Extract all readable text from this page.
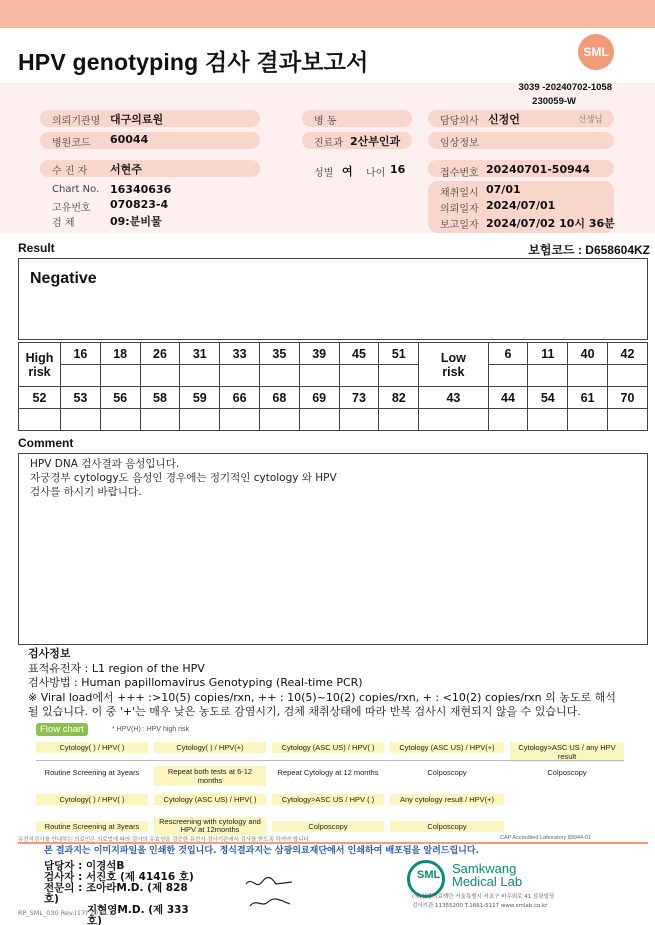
HPV genotyping 검사 결과보고서	SML
3039 -20240702-1058
230059-W
의뢰기관명 대구의료원	병 동	담당의사 신정언	선생님
병원코드 60044	진료과 2산부인과	임상정보
수 진 자 서현주	성별 여 나이 16	접수번호 20240701-50944
Chart No. 16340636
고유번호 070823-4
검 체	09:분비물
채취일시 07/01
의뢰일자 2024/07/01
보고일자 2024/07/02 10시 36분
Result	보험코드 : D658604KZ
Negative
High
risk	16	18	26	31	33	35	39	45	51	Low
risk	6	11	40	42

52	53	56	58	59	66	68	69	73	82	43	44	54	61	70

Comment
HPV DNA 검사결과 음성입니다.
자궁경부 cytology도 음성인 경우에는 정기적인 cytology 와 HPV
검사를 하시기 바랍니다.
검사정보
표적유전자 : L1 region of the HPV
검사방법 : Human papillomavirus Genotyping (Real-time PCR)
※ Viral load에서 +++ :>10(5) copies/rxn, ++ : 10(5)~10(2) copies/rxn, + : <10(2) copies/rxn 의 농도로 해석
될 있습니다. 이 중 '+'는 매우 낮은 농도로 감염시기, 검체 채취상태에 따라 반복 검사시 재현되지 않을 수 있습니다.
Flow chart	* HPV(H) : HPV high risk
Cytology( ) / HPV( )	Cytology( ) / HPV(+)	Cytology (ASC US) / HPV( )	Cytology (ASC US) / HPV(+)	Cytology>ASC US / any HPV result
Routine Screening at 3years	Repeat both tests at 6-12 months
Repeat Cytology at 12 months	Colposcopy	Colposcopy
Cytology( ) / HPV( )	Cytology (ASC US) / HPV( )	Cytology>ASC US / HPV ( )	Any cytology result / HPV(+)
Routine Screening at 3years
Rescreening with cytology and HPV at 12months	Colposcopy	Colposcopy
유전자검사를 안내하는 의료인은 의료법에 따라 검사의 유효성을 검증한 유전자 검사기관에서 검사를 받도록 하여야 합니다.	CAP Accredited Laboratory 89944-01
본 결과지는 이미지파일을 인쇄한 것입니다. 정식결과지는 삼광의료재단에서 인쇄하여 배포됨을 알려드립니다.
담당자 : 이경석B
검사자 : 서진호 (제 41416 호)
전문의 : 조아라M.D. (제 828 호)
지현영M.D. (제 333 호)
SML Samkwang
Medical Lab
(재)삼광의료재단 서울특별시 서초구 바우뫼로 41 삼광빌딩
검사기관 11355200 T.1661-5117 www.smlab.co.kr
RP_SML_030 Rev.(17) 2019.1
